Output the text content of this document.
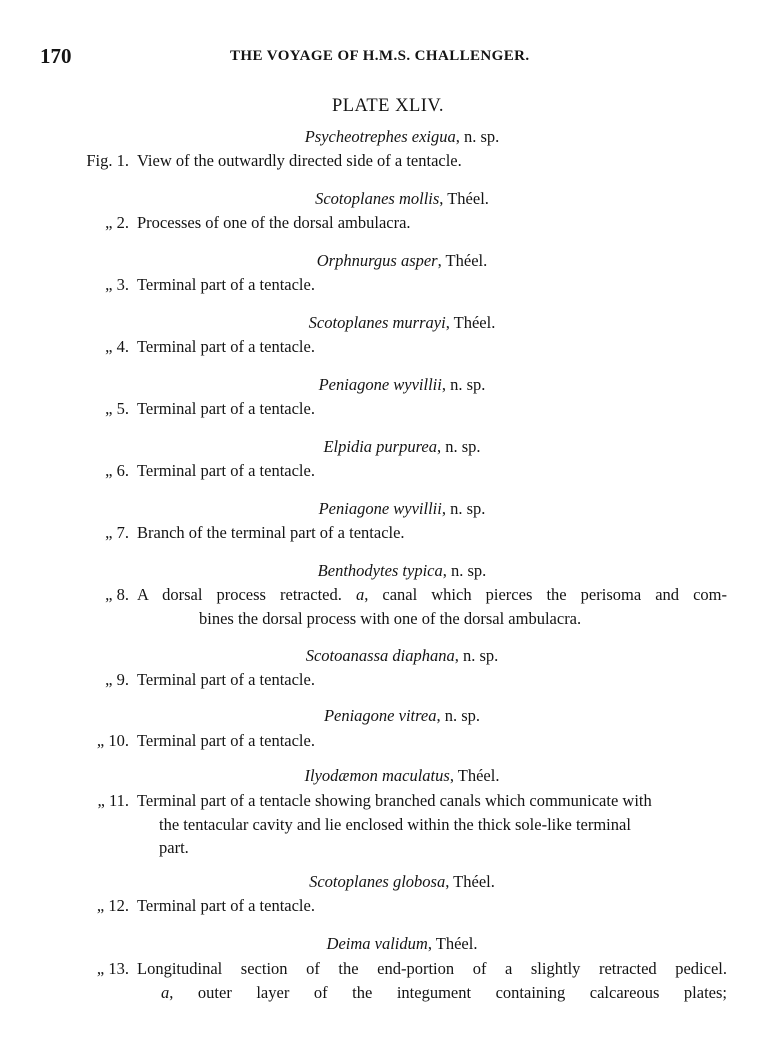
170	THE VOYAGE OF H.M.S. CHALLENGER.
PLATE XLIV.
Psycheotrephes exigua, n. sp.
Fig. 1. View of the outwardly directed side of a tentacle.
Scotoplanes mollis, Théel.
„ 2. Processes of one of the dorsal ambulacra.
Orphnurgus asper, Théel.
„ 3. Terminal part of a tentacle.
Scotoplanes murrayi, Théel.
„ 4. Terminal part of a tentacle.
Peniagone wyvillii, n. sp.
„ 5. Terminal part of a tentacle.
Elpidia purpurea, n. sp.
„ 6. Terminal part of a tentacle.
Peniagone wyvillii, n. sp.
„ 7. Branch of the terminal part of a tentacle.
Benthodytes typica, n. sp.
„ 8. A dorsal process retracted. a, canal which pierces the perisoma and com-
bines the dorsal process with one of the dorsal ambulacra.
Scotoanassa diaphana, n. sp.
„ 9. Terminal part of a tentacle.
Peniagone vitrea, n. sp.
„ 10. Terminal part of a tentacle.
Ilyodæmon maculatus, Théel.
„ 11. Terminal part of a tentacle showing branched canals which communicate with
the tentacular cavity and lie enclosed within the thick sole-like terminal
part.
Scotoplanes globosa, Théel.
„ 12. Terminal part of a tentacle.
Deima validum, Théel.
„ 13. Longitudinal section of the end-portion of a slightly retracted pedicel.
a, outer layer of the integument containing calcareous plates;
